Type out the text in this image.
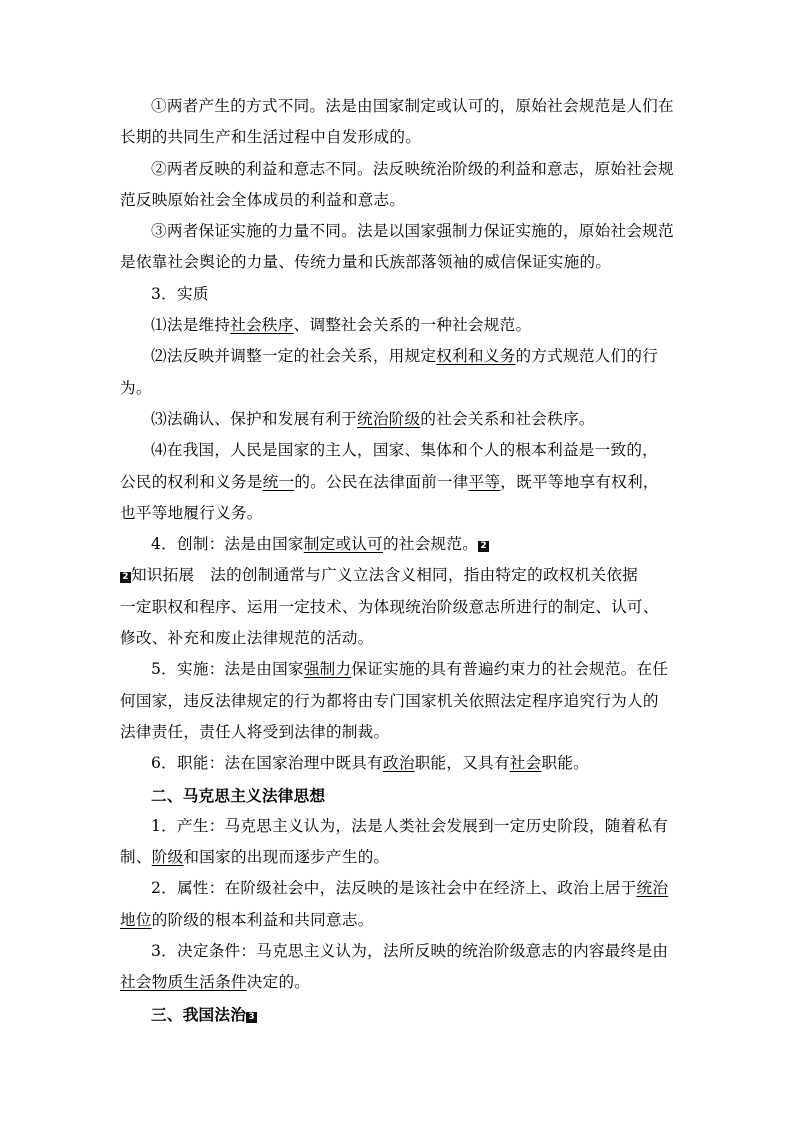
①两者产生的方式不同。法是由国家制定或认可的，原始社会规范是人们在
长期的共同生产和生活过程中自发形成的。
②两者反映的利益和意志不同。法反映统治阶级的利益和意志，原始社会规
范反映原始社会全体成员的利益和意志。
③两者保证实施的力量不同。法是以国家强制力保证实施的，原始社会规范
是依靠社会舆论的力量、传统力量和氏族部落领袖的威信保证实施的。
3．实质
⑴法是维持社会秩序、调整社会关系的一种社会规范。
⑵法反映并调整一定的社会关系，用规定权利和义务的方式规范人们的行
为。
⑶法确认、保护和发展有利于统治阶级的社会关系和社会秩序。
⑷在我国，人民是国家的主人，国家、集体和个人的根本利益是一致的，
公民的权利和义务是统一的。公民在法律面前一律平等，既平等地享有权利，
也平等地履行义务。
4．创制：法是由国家制定或认可的社会规范。 2
2 知识拓展　法的创制通常与广义立法含义相同，指由特定的政权机关依据
一定职权和程序、运用一定技术、为体现统治阶级意志所进行的制定、认可、
修改、补充和废止法律规范的活动。
5．实施：法是由国家强制力保证实施的具有普遍约束力的社会规范。在任
何国家，违反法律规定的行为都将由专门国家机关依照法定程序追究行为人的
法律责任，责任人将受到法律的制裁。
6．职能：法在国家治理中既具有政治职能，又具有社会职能。
二、马克思主义法律思想
1．产生：马克思主义认为，法是人类社会发展到一定历史阶段，随着私有
制、阶级和国家的出现而逐步产生的。
2．属性：在阶级社会中，法反映的是该社会中在经济上、政治上居于统治
地位的阶级的根本利益和共同意志。
3．决定条件：马克思主义认为，法所反映的统治阶级意志的内容最终是由
社会物质生活条件决定的。
三、我国法治 3
